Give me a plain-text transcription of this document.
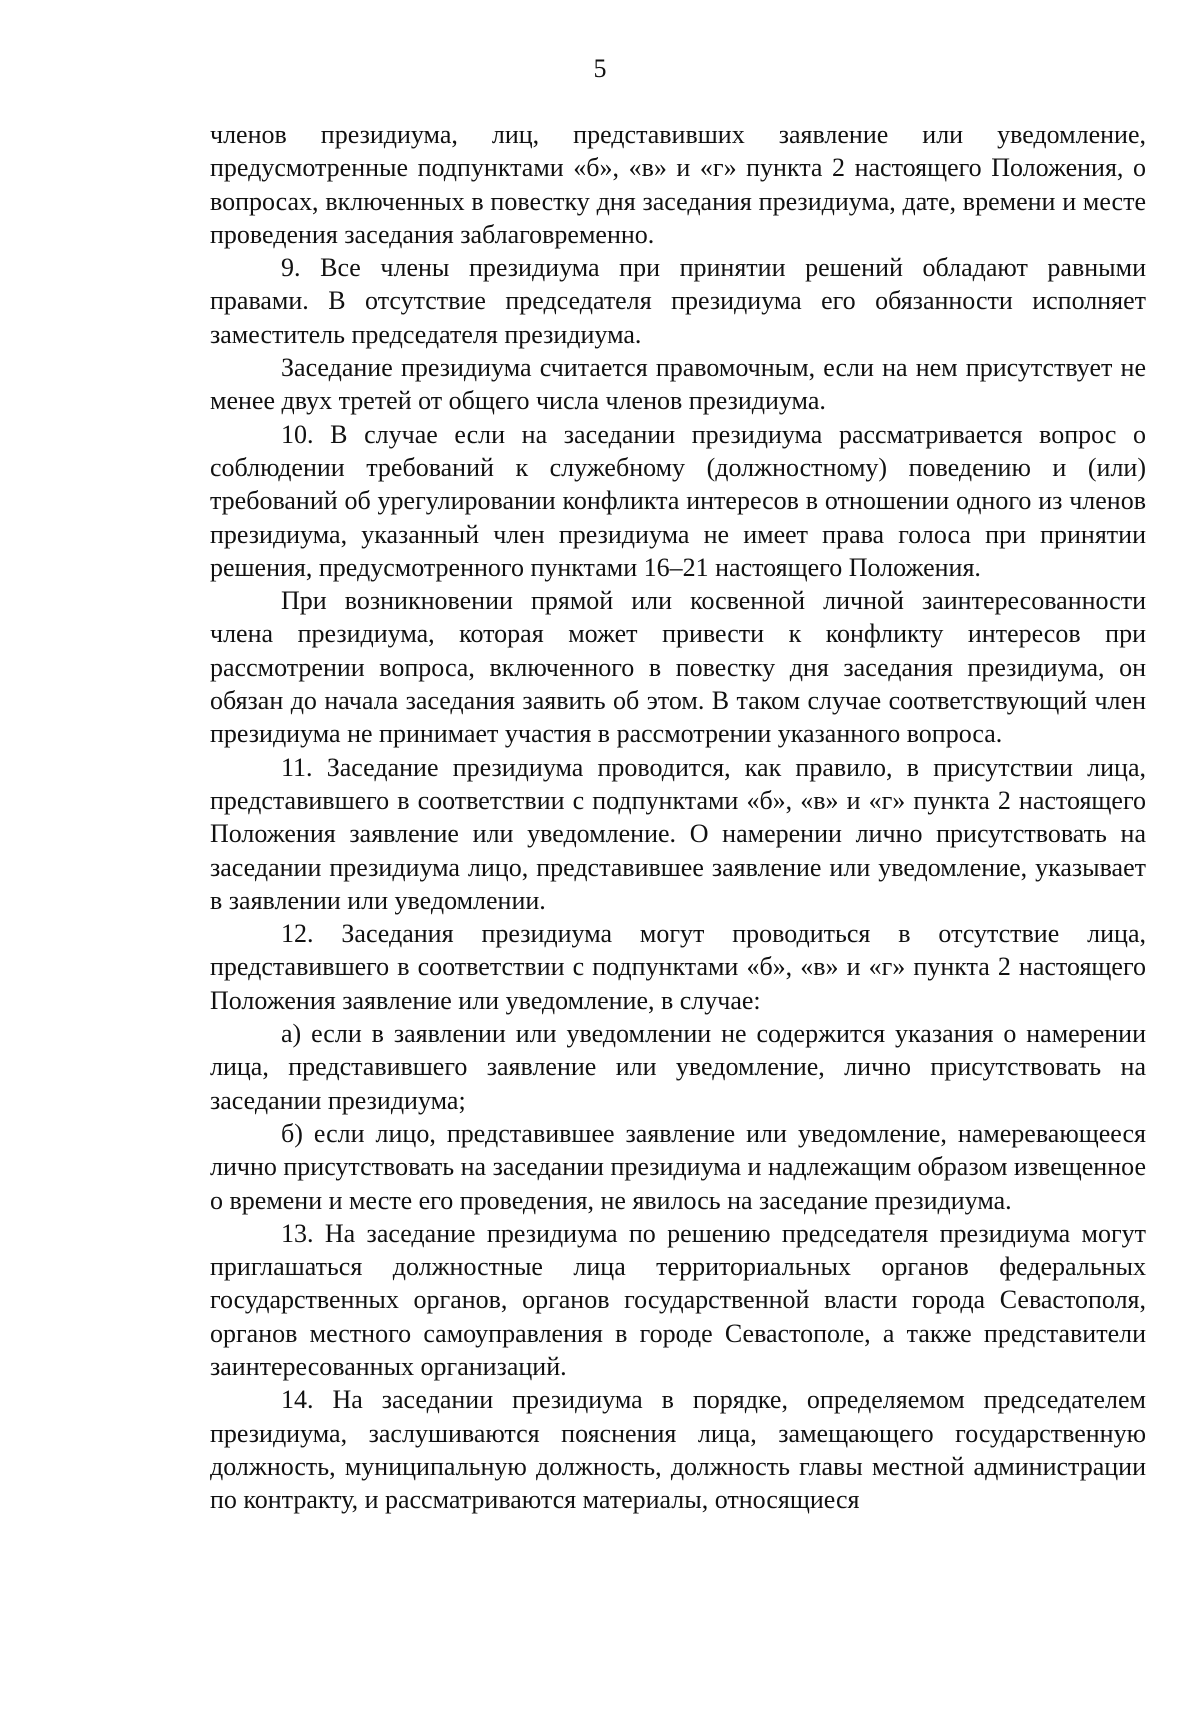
5

членов президиума, лиц, представивших заявление или уведомление, предусмотренные подпунктами «б», «в» и «г» пункта 2 настоящего Положения, о вопросах, включенных в повестку дня заседания президиума, дате, времени и месте проведения заседания заблаговременно.

9. Все члены президиума при принятии решений обладают равными правами. В отсутствие председателя президиума его обязанности исполняет заместитель председателя президиума.

Заседание президиума считается правомочным, если на нем присутствует не менее двух третей от общего числа членов президиума.

10. В случае если на заседании президиума рассматривается вопрос о соблюдении требований к служебному (должностному) поведению и (или) требований об урегулировании конфликта интересов в отношении одного из членов президиума, указанный член президиума не имеет права голоса при принятии решения, предусмотренного пунктами 16–21 настоящего Положения.

При возникновении прямой или косвенной личной заинтересованности члена президиума, которая может привести к конфликту интересов при рассмотрении вопроса, включенного в повестку дня заседания президиума, он обязан до начала заседания заявить об этом. В таком случае соответствующий член президиума не принимает участия в рассмотрении указанного вопроса.

11. Заседание президиума проводится, как правило, в присутствии лица, представившего в соответствии с подпунктами «б», «в» и «г» пункта 2 настоящего Положения заявление или уведомление. О намерении лично присутствовать на заседании президиума лицо, представившее заявление или уведомление, указывает в заявлении или уведомлении.

12. Заседания президиума могут проводиться в отсутствие лица, представившего в соответствии с подпунктами «б», «в» и «г» пункта 2 настоящего Положения заявление или уведомление, в случае:

а) если в заявлении или уведомлении не содержится указания о намерении лица, представившего заявление или уведомление, лично присутствовать на заседании президиума;

б) если лицо, представившее заявление или уведомление, намеревающееся лично присутствовать на заседании президиума и надлежащим образом извещенное о времени и месте его проведения, не явилось на заседание президиума.

13. На заседание президиума по решению председателя президиума могут приглашаться должностные лица территориальных органов федеральных государственных органов, органов государственной власти города Севастополя, органов местного самоуправления в городе Севастополе, а также представители заинтересованных организаций.

14. На заседании президиума в порядке, определяемом председателем президиума, заслушиваются пояснения лица, замещающего государственную должность, муниципальную должность, должность главы местной администрации по контракту, и рассматриваются материалы, относящиеся
